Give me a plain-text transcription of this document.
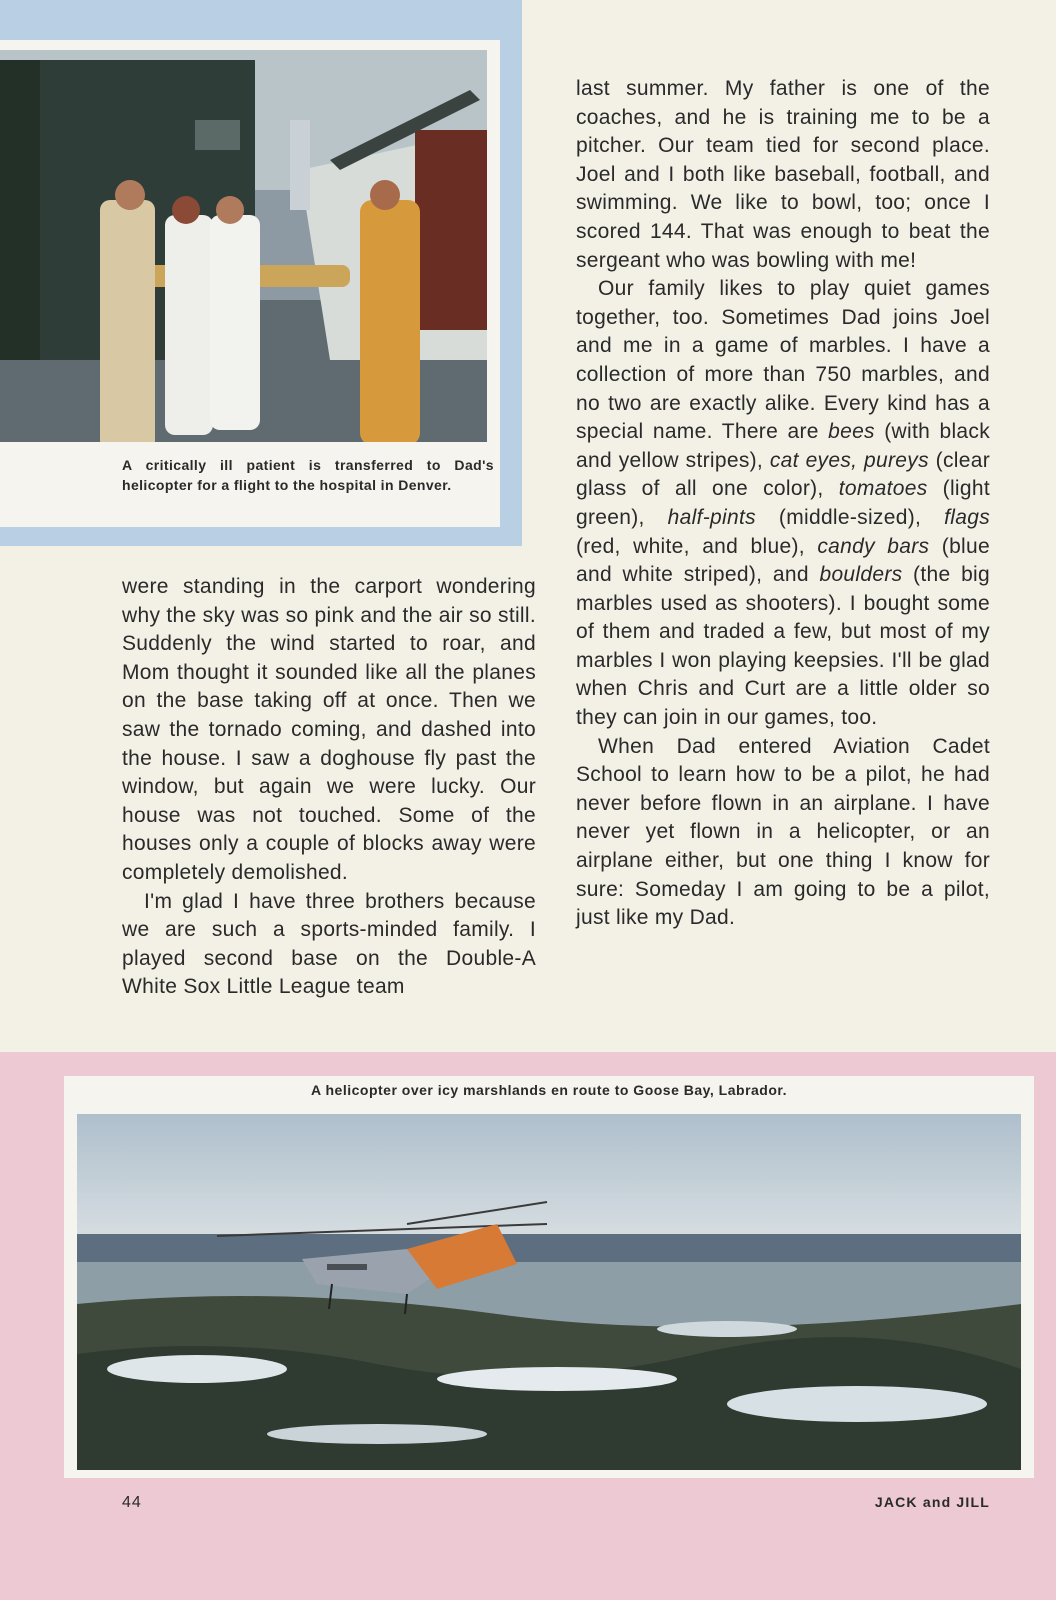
A critically ill patient is transferred to Dad's helicopter for a flight to the hospital in Denver.

were standing in the carport wondering why the sky was so pink and the air so still. Suddenly the wind started to roar, and Mom thought it sounded like all the planes on the base taking off at once. Then we saw the tornado coming, and dashed into the house. I saw a doghouse fly past the window, but again we were lucky. Our house was not touched. Some of the houses only a couple of blocks away were completely demolished.

I'm glad I have three brothers because we are such a sports-minded family. I played second base on the Double-A White Sox Little League team

last summer. My father is one of the coaches, and he is training me to be a pitcher. Our team tied for second place. Joel and I both like baseball, football, and swimming. We like to bowl, too; once I scored 144. That was enough to beat the sergeant who was bowling with me!

Our family likes to play quiet games together, too. Sometimes Dad joins Joel and me in a game of marbles. I have a collection of more than 750 marbles, and no two are exactly alike. Every kind has a special name. There are bees (with black and yellow stripes), cat eyes, pureys (clear glass of all one color), tomatoes (light green), half-pints (middle-sized), flags (red, white, and blue), candy bars (blue and white striped), and boulders (the big marbles used as shooters). I bought some of them and traded a few, but most of my marbles I won playing keepsies. I'll be glad when Chris and Curt are a little older so they can join in our games, too.

When Dad entered Aviation Cadet School to learn how to be a pilot, he had never before flown in an airplane. I have never yet flown in a helicopter, or an airplane either, but one thing I know for sure: Someday I am going to be a pilot, just like my Dad.

A helicopter over icy marshlands en route to Goose Bay, Labrador.
44	JACK and JILL
